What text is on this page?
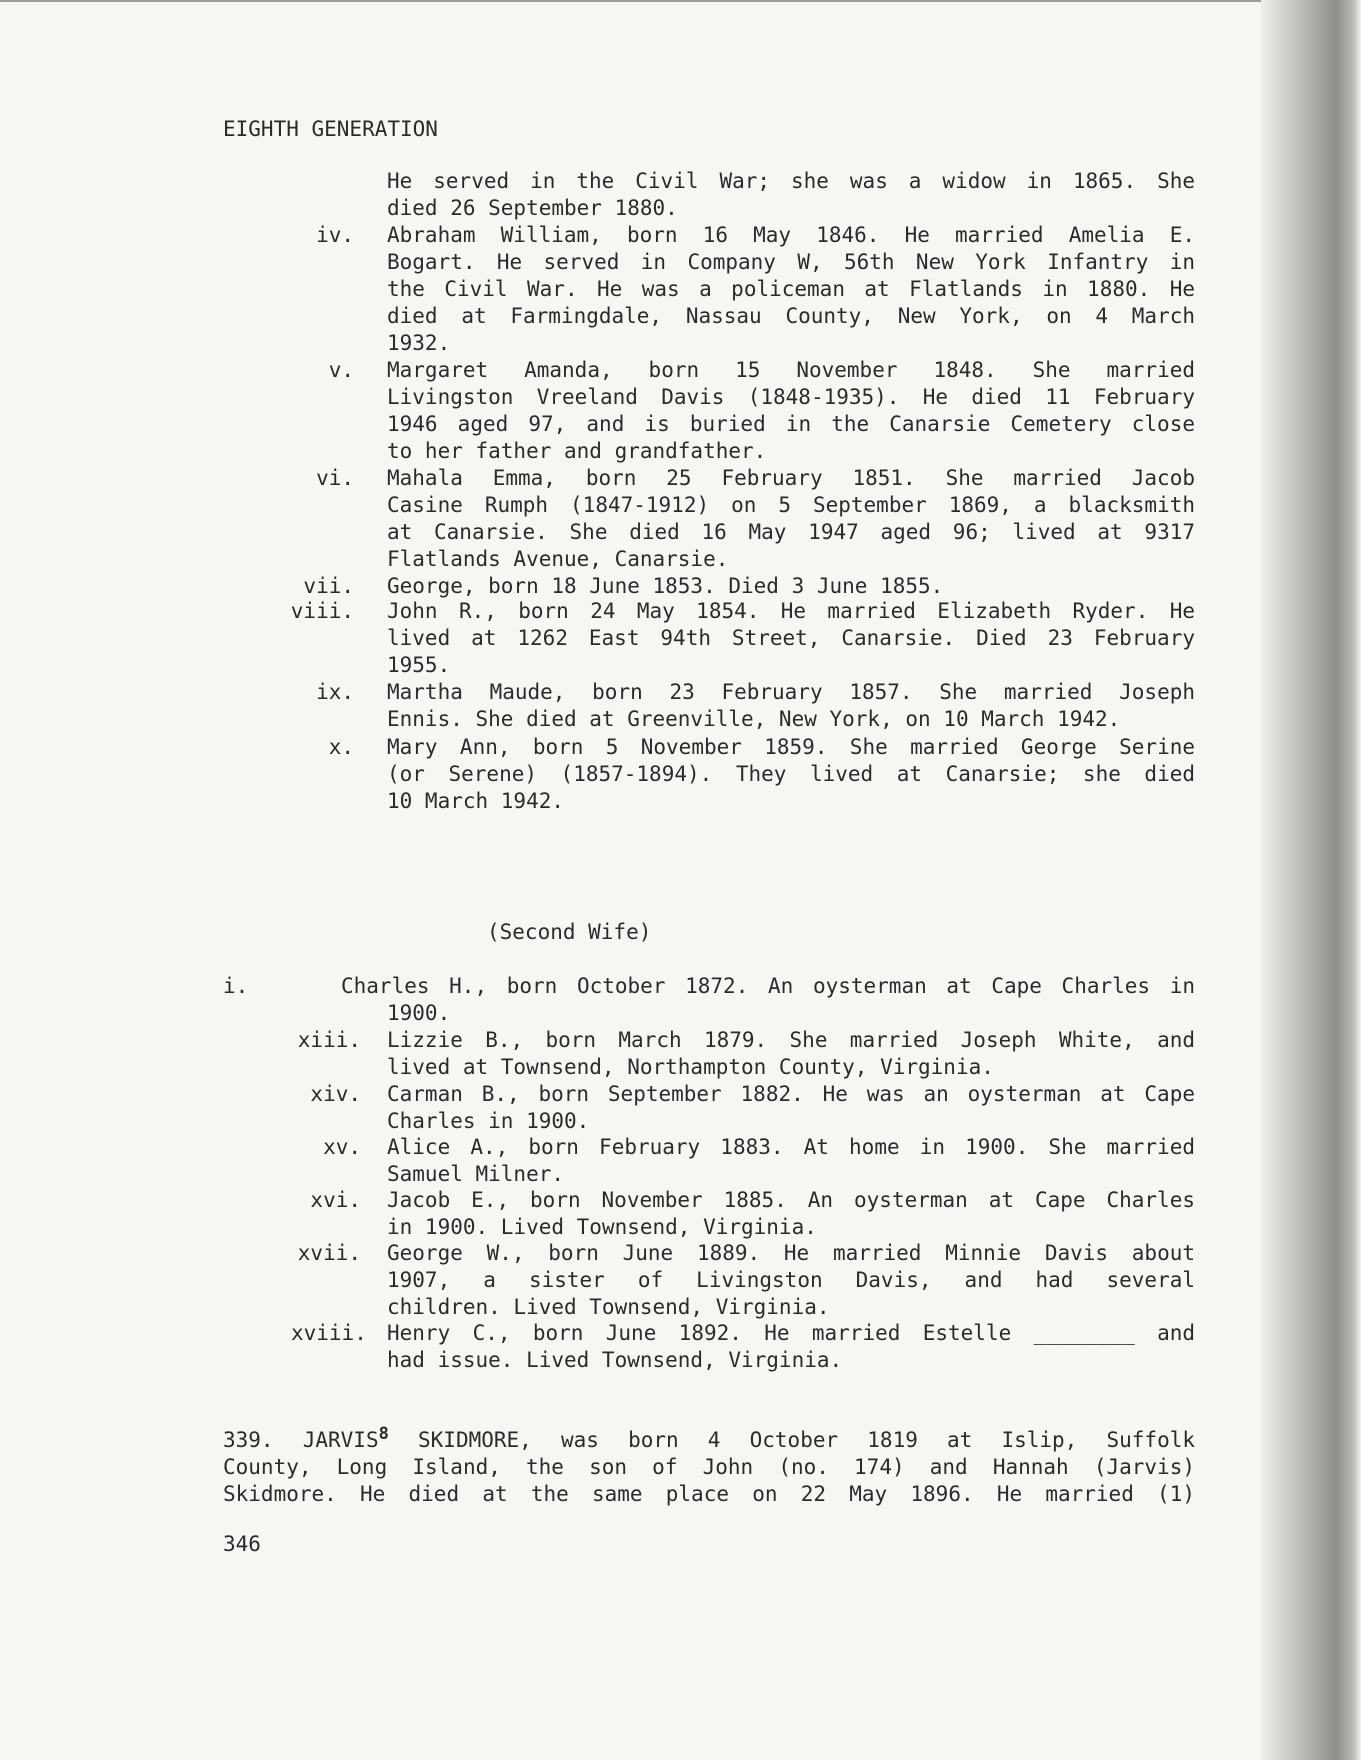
EIGHTH GENERATION
He served in the Civil War; she was a widow in 1865. She
died 26 September 1880.
iv. Abraham William, born 16 May 1846. He married Amelia E.
Bogart. He served in Company W, 56th New York Infantry in
the Civil War. He was a policeman at Flatlands in 1880. He
died at Farmingdale, Nassau County, New York, on 4 March
1932.
v. Margaret Amanda, born 15 November 1848. She married
Livingston Vreeland Davis (1848-1935). He died 11 February
1946 aged 97, and is buried in the Canarsie Cemetery close
to her father and grandfather.
vi. Mahala Emma, born 25 February 1851. She married Jacob
Casine Rumph (1847-1912) on 5 September 1869, a blacksmith
at Canarsie. She died 16 May 1947 aged 96; lived at 9317
Flatlands Avenue, Canarsie.
vii. George, born 18 June 1853. Died 3 June 1855.
viii. John R., born 24 May 1854. He married Elizabeth Ryder. He
lived at 1262 East 94th Street, Canarsie. Died 23 February
1955.
ix. Martha Maude, born 23 February 1857. She married Joseph
Ennis. She died at Greenville, New York, on 10 March 1942.
x. Mary Ann, born 5 November 1859. She married George Serine
(or Serene) (1857-1894). They lived at Canarsie; she died
10 March 1942.
(Second Wife)
i.	Charles H., born October 1872. An oysterman at Cape Charles in
1900.
xiii. Lizzie B., born March 1879. She married Joseph White, and
lived at Townsend, Northampton County, Virginia.
xiv. Carman B., born September 1882. He was an oysterman at Cape
Charles in 1900.
xv. Alice A., born February 1883. At home in 1900. She married
Samuel Milner.
xvi. Jacob E., born November 1885. An oysterman at Cape Charles
in 1900. Lived Townsend, Virginia.
xvii. George W., born June 1889. He married Minnie Davis about
1907, a sister of Livingston Davis, and had several
children. Lived Townsend, Virginia.
xviii. Henry C., born June 1892. He married Estelle ________ and
had issue. Lived Townsend, Virginia.
339. JARVIS$^8$ SKIDMORE, was born 4 October 1819 at Islip, Suffolk
County, Long Island, the son of John (no. 174) and Hannah (Jarvis)
Skidmore. He died at the same place on 22 May 1896. He married (1)
346
